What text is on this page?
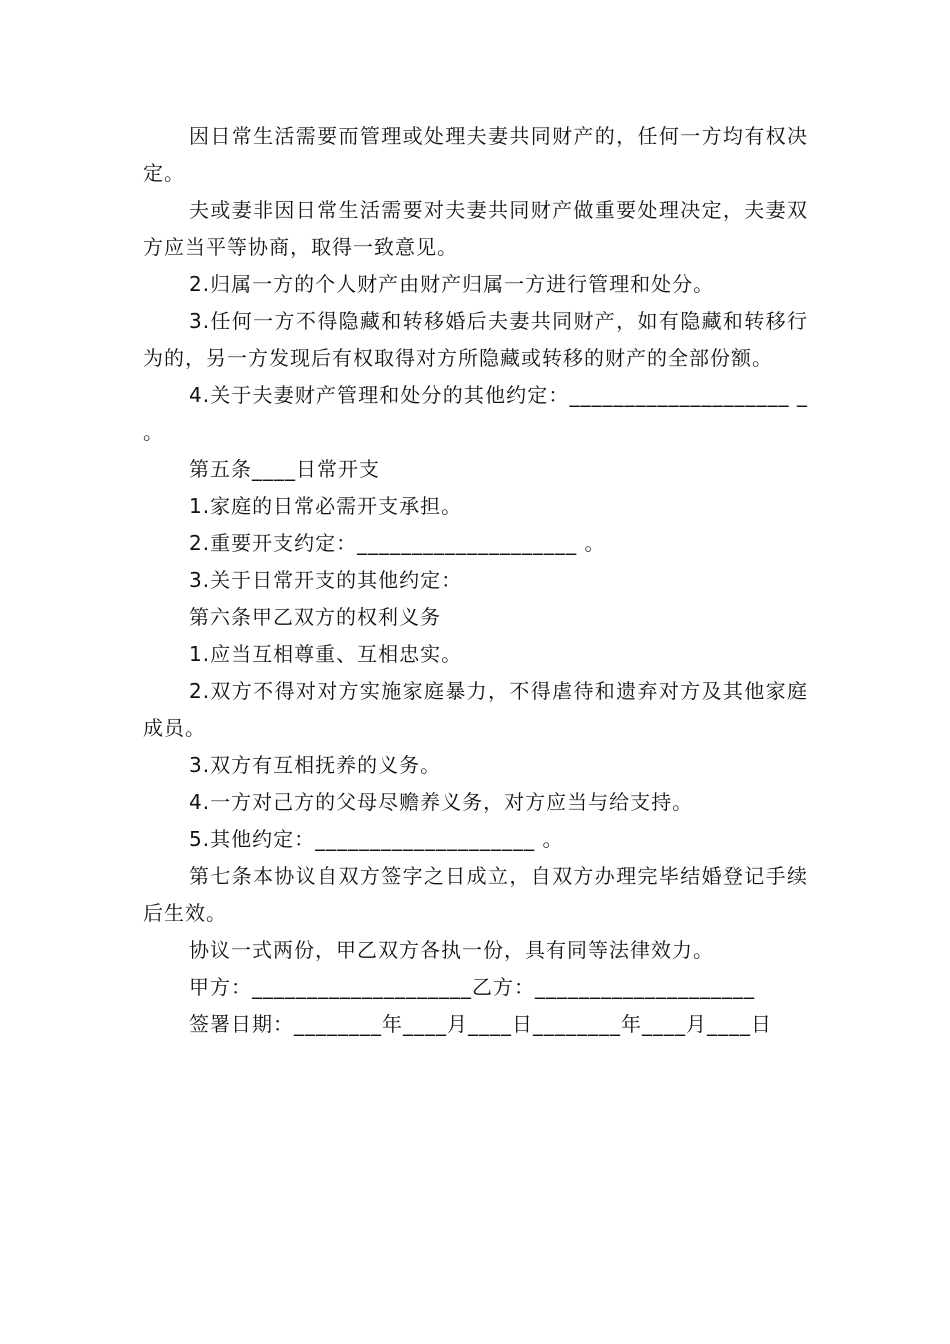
因日常生活需要而管理或处理夫妻共同财产的，任何一方均有权决定。

夫或妻非因日常生活需要对夫妻共同财产做重要处理决定，夫妻双方应当平等协商，取得一致意见。

2.归属一方的个人财产由财产归属一方进行管理和处分。

3.任何一方不得隐藏和转移婚后夫妻共同财产，如有隐藏和转移行为的，另一方发现后有权取得对方所隐藏或转移的财产的全部份额。

4.关于夫妻财产管理和处分的其他约定：____________________ _ 。

第五条____日常开支

1.家庭的日常必需开支承担。

2.重要开支约定：____________________ 。

3.关于日常开支的其他约定：

第六条甲乙双方的权利义务

1.应当互相尊重、互相忠实。

2.双方不得对对方实施家庭暴力，不得虐待和遗弃对方及其他家庭成员。

3.双方有互相抚养的义务。

4.一方对己方的父母尽赡养义务，对方应当与给支持。

5.其他约定：____________________ 。

第七条本协议自双方签字之日成立，自双方办理完毕结婚登记手续后生效。

协议一式两份，甲乙双方各执一份，具有同等法律效力。

甲方：____________________乙方：____________________

签署日期：________年____月____日________年____月____日
